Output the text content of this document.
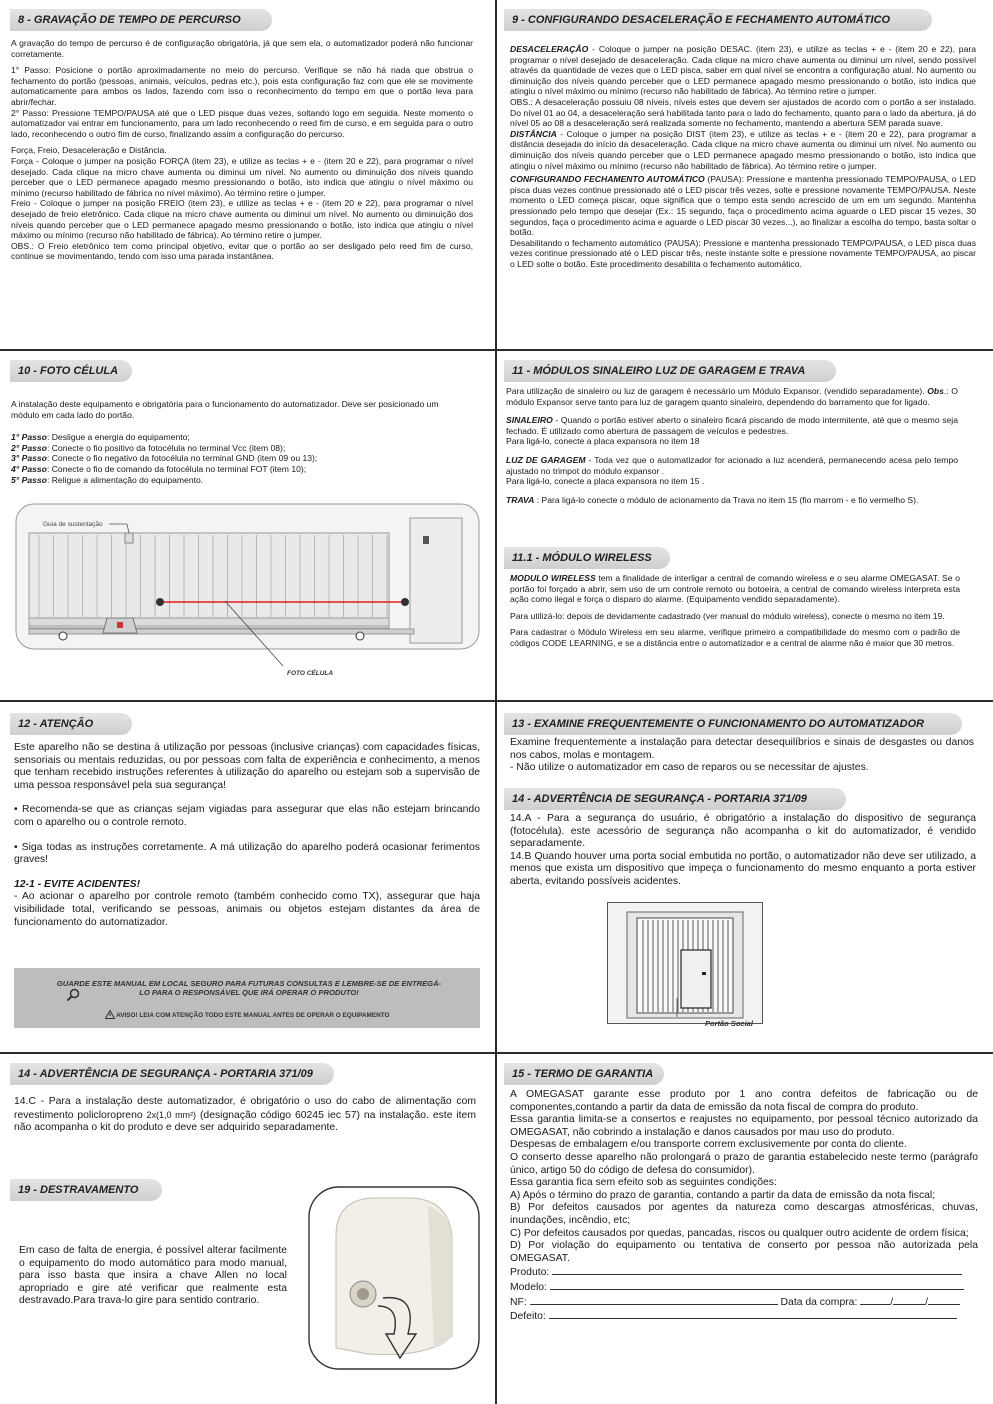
8 - GRAVAÇÃO DE TEMPO DE PERCURSO

A gravação do tempo de percurso é de configuração obrigatória, já que sem ela, o automatizador poderá não funcionar corretamente.

1° Passo: Posicione o portão aproximadamente no meio do percurso. Verifique se não há nada que obstrua o fechamento do portão (pessoas, animais, veículos, pedras etc.), pois esta configuração faz com que ele se movimente automaticamente para ambos os lados, fazendo com isso o reconhecimento do tempo em que o portão leva para abrir/fechar.

2° Passo: Pressione TEMPO/PAUSA até que o LED pisque duas vezes, soltando logo em seguida. Neste momento o automatizador vai entrar em funcionamento, para um lado reconhecendo o reed fim de curso, e em seguida para o outro lado, reconhecendo o outro fim de curso, finalizando assim a configuração do percurso.

Força, Freio, Desaceleração e Distância.

Força - Coloque o jumper na posição FORÇA (item 23), e utilize as teclas + e - (item 20 e 22), para programar o nível desejado. Cada clique na micro chave aumenta ou diminui um nível. No aumento ou diminuição dos níveis quando perceber que o LED permanece apagado mesmo pressionando o botão, isto indica que atingiu o nível máximo ou mínimo (recurso habilitado de fábrica no nível máximo). Ao término retire o jumper.

Freio - Coloque o jumper na posição FREIO (item 23), e utilize as teclas + e - (item 20 e 22), para programar o nível desejado de freio eletrônico. Cada clique na micro chave aumenta ou diminui um nível. No aumento ou diminuição dos níveis quando perceber que o LED permanece apagado mesmo pressionando o botão, isto indica que atingiu o nível máximo ou mínimo (recurso não habilitado de fábrica). Ao término retire o jumper.

OBS.: O Freio eletrônico tem como principal objetivo, evitar que o portão ao ser desligado pelo reed fim de curso, continue se movimentando, tendo com isso uma parada instantânea.

9 - CONFIGURANDO DESACELERAÇÃO E FECHAMENTO AUTOMÁTICO

DESACELERAÇÃO - Coloque o jumper na posição DESAC. (item 23), e utilize as teclas + e - (item 20 e 22), para programar o nível desejado de desaceleração. Cada clique na micro chave aumenta ou diminui um nível, sendo possível através da quantidade de vezes que o LED pisca, saber em qual nível se encontra a configuração atual. No aumento ou diminuição dos níveis quando perceber que o LED permanece apagado mesmo pressionando o botão, isto indica que atingiu o nível máximo ou mínimo (recurso não habilitado de fábrica). Ao término retire o jumper.

OBS.: A desaceleração possuiu 08 níveis, níveis estes que devem ser ajustados de acordo com o portão a ser instalado. Do nível 01 ao 04, a desaceleração será habilitada tanto para o lado do fechamento, quanto para o lado da abertura, já do nível 05 ao 08 a desaceleração será realizada somente no fechamento, mantendo a abertura SEM parada suave.

DISTÂNCIA - Coloque o jumper na posição DIST (item 23), e utilize as teclas + e - (item 20 e 22), para programar a distância desejada do início da desaceleração. Cada clique na micro chave aumenta ou diminui um nível. No aumento ou diminuição dos níveis quando perceber que o LED permanece apagado mesmo pressionando o botão, isto indica que atingiu o nível máximo ou mínimo (recurso não habilitado de fábrica). Ao término retire o jumper.

CONFIGURANDO FECHAMENTO AUTOMÁTICO (PAUSA): Pressione e mantenha pressionado TEMPO/PAUSA, o LED pisca duas vezes continue pressionado até o LED piscar três vezes, solte e pressione novamente TEMPO/PAUSA. Neste momento o LED começa piscar, oque significa que o tempo esta sendo acrescido de um em um segundo. Mantenha pressionado pelo tempo que desejar (Ex.: 15 segundo, faça o procedimento acima aguarde o LED piscar 15 vezes, 30 segundos, faça o procedimento acima e aguarde o LED piscar 30 vezes...), ao finalizar a escolha do tempo, basta soltar o botão.

Desabilitando o fechamento automático (PAUSA): Pressione e mantenha pressionado TEMPO/PAUSA, o LED pisca duas vezes continue pressionado até o LED piscar três, neste instante solte e pressione novamente TEMPO/PAUSA, ao piscar o LED solte o botão. Este procedimento desabilita o fechamento automático.

10 - FOTO CÉLULA

A instalação deste equipamento e obrigatória para o funcionamento do automatizador. Deve ser posicionado um módulo em cada lado do portão.

1° Passo: Desligue a energia do equipamento;
2° Passo: Conecte o fio positivo da fotocélula no terminal Vcc (item 08);
3° Passo: Conecte o fio negativo da fotocélula no terminal GND (item 09 ou 13);
4° Passo: Conecte o fio de comando da fotocélula no terminal FOT (item 10);
5° Passo: Religue a alimentação do equipamento.
Guia de sustentação
FOTO CÉLULA
11 - MÓDULOS SINALEIRO LUZ DE GARAGEM E TRAVA

Para utilização de sinaleiro ou luz de garagem é necessário um Módulo Expansor. (vendido separadamente). Obs.: O módulo Expansor serve tanto para luz de garagem quanto sinaleiro, dependendo do barramento que for ligado.

SINALEIRO - Quando o portão estiver aberto o sinaleiro ficará piscando de modo intermitente, até que o mesmo seja fechado. É utilizado como abertura de passagem de veículos e pedestres.

Para ligá-lo, conecte a placa expansora no item 18

LUZ DE GARAGEM - Toda vez que o automatizador for acionado a luz acenderá, permanecendo acesa pelo tempo ajustado no trimpot do módulo expansor .

Para ligá-lo, conecte a placa expansora no item 15 .

TRAVA : Para ligá-lo conecte o módulo de acionamento da Trava no item 15 (fio marrom - e fio vermelho S).

11.1 - MÓDULO WIRELESS

MODULO WIRELESS tem a finalidade de interligar a central de comando wireless e o seu alarme OMEGASAT. Se o portão foi forçado a abrir, sem uso de um controle remoto ou botoeira, a central de comando wireless interpreta esta ação como ilegal e força o disparo do alarme. (Equipamento vendido separadamente).

Para utilizá-lo: depois de devidamente cadastrado (ver manual do módulo wireless), conecte o mesmo no item 19.

Para cadastrar o Módulo Wireless em seu alarme, verifique primeiro a compatibilidade do mesmo com o padrão de códigos CODE LEARNING, e se a distância entre o automatizador e a central de alarme não é maior que 30 metros.

12 - ATENÇÃO

Este aparelho não se destina à utilização por pessoas (inclusive crianças) com capacidades físicas, sensoriais ou mentais reduzidas, ou por pessoas com falta de experiência e conhecimento, a menos que tenham recebido instruções referentes à utilização do aparelho ou estejam sob a supervisão de uma pessoa responsável pela sua segurança!

• Recomenda-se que as crianças sejam vigiadas para assegurar que elas não estejam brincando com o aparelho ou o controle remoto.

• Siga todas as instruções corretamente. A má utilização do aparelho poderá ocasionar ferimentos graves!

12-1 - EVITE ACIDENTES!

- Ao acionar o aparelho por controle remoto (também conhecido como TX), assegurar que haja visibilidade total, verificando se pessoas, animais ou objetos estejam distantes da área de funcionamento do automatizador.

GUARDE ESTE MANUAL EM LOCAL SEGURO PARA FUTURAS CONSULTAS E LEMBRE-SE DE ENTREGÁ- LO PARA O RESPONSÁVEL QUE IRÁ OPERAR O PRODUTO!
AVISO! LEIA COM ATENÇÃO TODO ESTE MANUAL ANTES DE OPERAR O EQUIPAMENTO
13 - EXAMINE FREQUENTEMENTE O FUNCIONAMENTO DO AUTOMATIZADOR

Examine frequentemente a instalação para detectar desequilíbrios e sinais de desgastes ou danos nos cabos, molas e montagem.

- Não utilize o automatizador em caso de reparos ou se necessitar de ajustes.

14 - ADVERTÊNCIA DE SEGURANÇA - PORTARIA 371/09

14.A - Para a segurança do usuário, é obrigatório a instalação do dispositivo de segurança (fotocélula). este acessório de segurança não acompanha o kit do automatizador, é vendido separadamente.

14.B Quando houver uma porta social embutida no portão, o automatizador não deve ser utilizado, a menos que exista um dispositivo que impeça o funcionamento do mesmo enquanto a porta estiver aberta, evitando possíveis acidentes.

Portão Social
14 - ADVERTÊNCIA DE SEGURANÇA - PORTARIA 371/09

14.C - Para a instalação deste automatizador, é obrigatório o uso do cabo de alimentação com revestimento policloropreno 2x(1,0 mm²) (designação código 60245 iec 57) na instalação. este item não acompanha o kit do produto e deve ser adquirido separadamente.

19 - DESTRAVAMENTO

Em caso de falta de energia, é possível alterar facilmente o equipamento do modo automático para modo manual, para isso basta que insira a chave Allen no local apropriado e gire até verificar que realmente esta destravado.Para trava-lo gire para sentido contrario.

15 - TERMO DE GARANTIA

A OMEGASAT garante esse produto por 1 ano contra defeitos de fabricação ou de componentes,contando a partir da data de emissão da nota fiscal de compra do produto.

Essa garantia limita-se a consertos e reajustes no equipamento, por pessoal técnico autorizado da OMEGASAT, não cobrindo a instalação e danos causados por mau uso do produto.

Despesas de embalagem e/ou transporte correm exclusivemente por conta do cliente.

O conserto desse aparelho não prolongará o prazo de garantia estabelecido neste termo (parágrafo único, artigo 50 do código de defesa do consumidor).

Essa garantia fica sem efeito sob as seguintes condições:

A) Após o término do prazo de garantia, contando a partir da data de emissão da nota fiscal;

B) Por defeitos causados por agentes da natureza como descargas atmosféricas, chuvas, inundações, incêndio, etc;

C) Por defeitos causados por quedas, pancadas, riscos ou qualquer outro acidente de ordem física;

D) Por violação do equipamento ou tentativa de conserto por pessoa não autorizada pela OMEGASAT.

Produto:
Modelo:
NF:	Data da compra:	/	/
Defeito:
